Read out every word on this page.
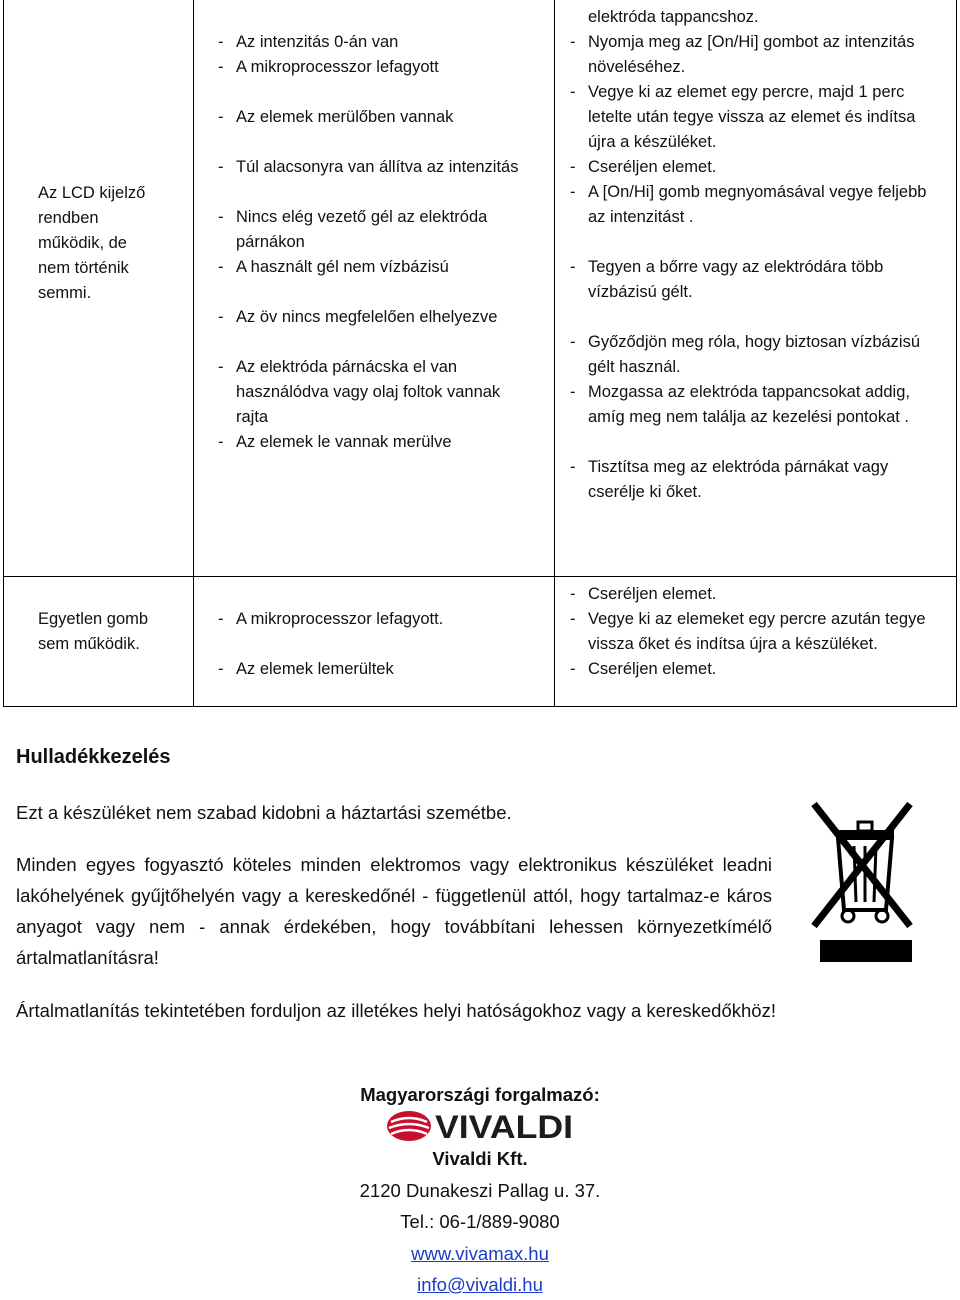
Az LCD kijelző rendben működik, de nem történik semmi.
- Az intenzitás 0-án van
- A mikroprocesszor lefagyott
- Az elemek merülőben vannak
- Túl alacsonyra van állítva az intenzitás
- Nincs elég vezető gél az elektróda párnákon
- A használt gél nem vízbázisú
- Az öv nincs megfelelően elhelyezve
- Az elektróda párnácska el van használódva vagy olaj foltok vannak rajta
- Az elemek le vannak merülve
elektróda tappancshoz.
- Nyomja meg az [On/Hi] gombot az intenzitás növeléséhez.
- Vegye ki az elemet egy percre, majd 1 perc letelte után tegye vissza az elemet és indítsa újra a készüléket.
- Cseréljen elemet.
- A [On/Hi] gomb megnyomásával vegye feljebb az intenzitást .
- Tegyen a bőrre vagy az elektródára több vízbázisú gélt.
- Győződjön meg róla, hogy biztosan vízbázisú gélt használ.
- Mozgassa az elektróda tappancsokat addig, amíg meg nem találja az kezelési pontokat .
- Tisztítsa meg az elektróda párnákat vagy cserélje ki őket.
Egyetlen gomb sem működik.
- A mikroprocesszor lefagyott.
- Az elemek lemerültek
- Cseréljen elemet.
- Vegye ki az elemeket egy percre azután tegye vissza őket és indítsa újra a készüléket.
- Cseréljen elemet.
Hulladékkezelés
Ezt a készüléket nem szabad kidobni a háztartási szemétbe.
Minden egyes fogyasztó köteles minden elektromos vagy elektronikus készüléket leadni lakóhelyének gyűjtőhelyén vagy a kereskedőnél - függetlenül attól, hogy tartalmaz-e káros anyagot vagy nem - annak érdekében, hogy továbbítani lehessen környezetkímélő ártalmatlanításra!
Ártalmatlanítás tekintetében forduljon az illetékes helyi hatóságokhoz vagy a kereskedőkhöz!
Magyarországi forgalmazó:
VIVALDI
Vivaldi Kft.
2120 Dunakeszi Pallag u. 37.
Tel.: 06-1/889-9080
www.vivamax.hu
info@vivaldi.hu
